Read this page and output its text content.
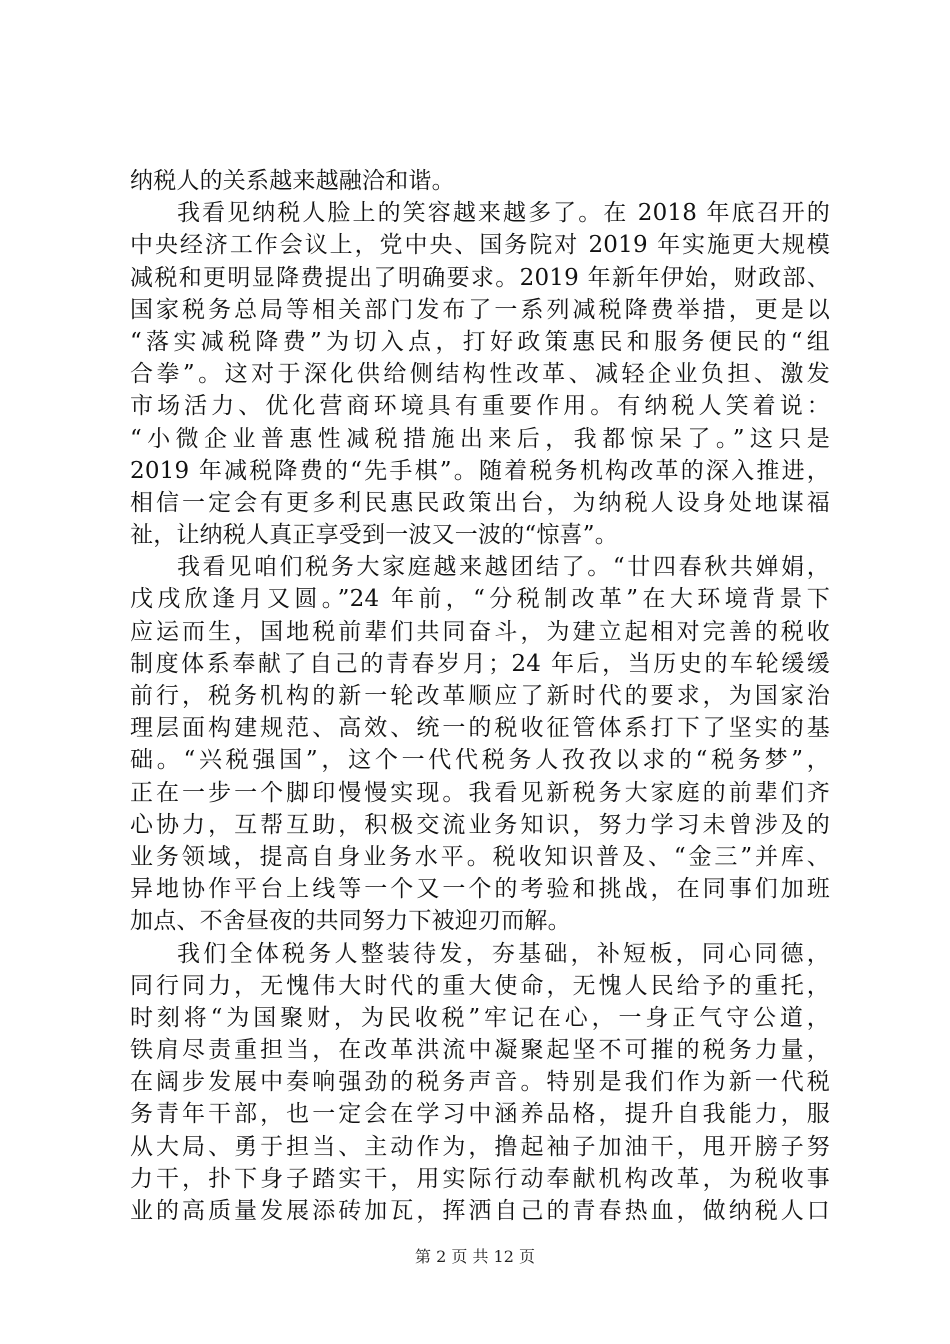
纳税人的关系越来越融洽和谐。
我看见纳税人脸上的笑容越来越多了。在 2018 年底召开的
中央经济工作会议上，党中央、国务院对 2019 年实施更大规模
减税和更明显降费提出了明确要求。2019 年新年伊始，财政部、
国家税务总局等相关部门发布了一系列减税降费举措，更是以
“落实减税降费”为切入点，打好政策惠民和服务便民的“组
合拳”。这对于深化供给侧结构性改革、减轻企业负担、激发
市场活力、优化营商环境具有重要作用。有纳税人笑着说：
“小微企业普惠性减税措施出来后，我都惊呆了。”这只是
2019 年减税降费的“先手棋”。随着税务机构改革的深入推进，
相信一定会有更多利民惠民政策出台，为纳税人设身处地谋福
祉，让纳税人真正享受到一波又一波的“惊喜”。
我看见咱们税务大家庭越来越团结了。“廿四春秋共婵娟，
戊戌欣逢月又圆。”24 年前，“分税制改革”在大环境背景下
应运而生，国地税前辈们共同奋斗，为建立起相对完善的税收
制度体系奉献了自己的青春岁月；24 年后，当历史的车轮缓缓
前行，税务机构的新一轮改革顺应了新时代的要求，为国家治
理层面构建规范、高效、统一的税收征管体系打下了坚实的基
础。“兴税强国”，这个一代代税务人孜孜以求的“税务梦”，
正在一步一个脚印慢慢实现。我看见新税务大家庭的前辈们齐
心协力，互帮互助，积极交流业务知识，努力学习未曾涉及的
业务领域，提高自身业务水平。税收知识普及、“金三”并库、
异地协作平台上线等一个又一个的考验和挑战，在同事们加班
加点、不舍昼夜的共同努力下被迎刃而解。
我们全体税务人整装待发，夯基础，补短板，同心同德，
同行同力，无愧伟大时代的重大使命，无愧人民给予的重托，
时刻将“为国聚财，为民收税”牢记在心，一身正气守公道，
铁肩尽责重担当，在改革洪流中凝聚起坚不可摧的税务力量，
在阔步发展中奏响强劲的税务声音。特别是我们作为新一代税
务青年干部，也一定会在学习中涵养品格，提升自我能力，服
从大局、勇于担当、主动作为，撸起袖子加油干，甩开膀子努
力干，扑下身子踏实干，用实际行动奉献机构改革，为税收事
业的高质量发展添砖加瓦，挥洒自己的青春热血，做纳税人口
第 2 页 共 12 页
